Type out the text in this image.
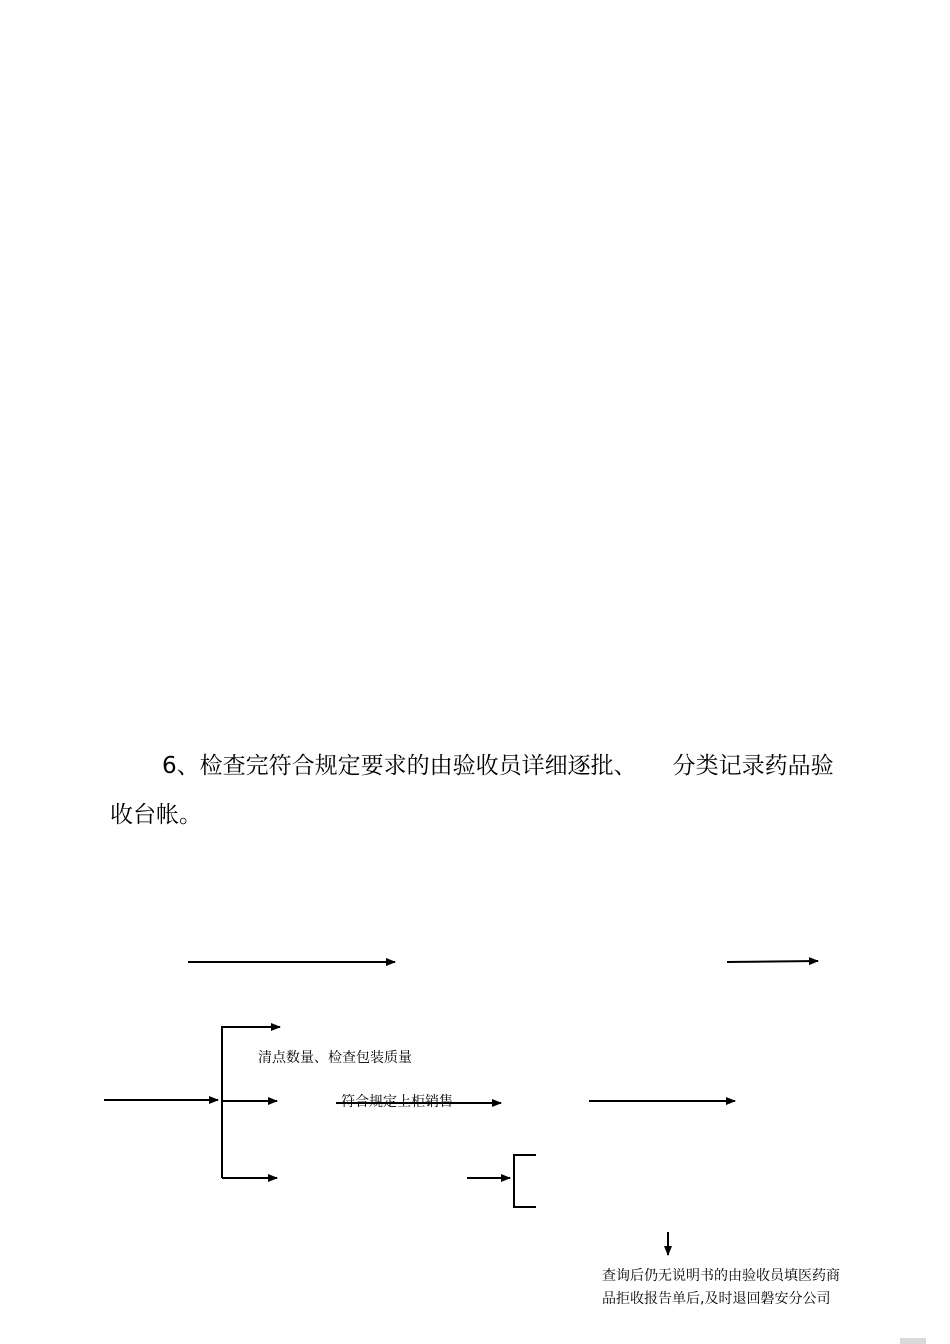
6、检查完符合规定要求的由验收员详细逐批、 分类记录药品验
收台帐。

清点数量、检查包装质量
符合规定上柜销售
查询后仍无说明书的由验收员填医药商
品拒收报告单后,及时退回磐安分公司
